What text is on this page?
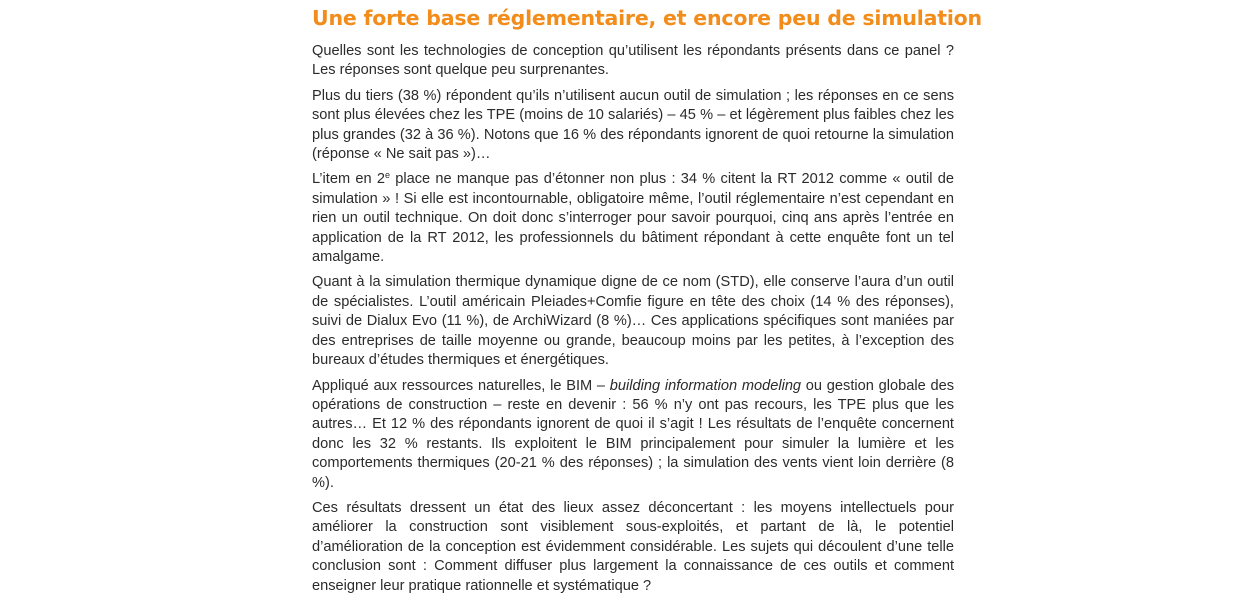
Une forte base réglementaire, et encore peu de simulation

Quelles sont les technologies de conception qu’utilisent les répondants présents dans ce panel ? Les réponses sont quelque peu surprenantes.

Plus du tiers (38 %) répondent qu’ils n’utilisent aucun outil de simulation ; les réponses en ce sens sont plus élevées chez les TPE (moins de 10 salariés) – 45 % – et légèrement plus faibles chez les plus grandes (32 à 36 %). Notons que 16 % des répondants ignorent de quoi retourne la simulation (réponse « Ne sait pas »)…

L’item en 2e place ne manque pas d’étonner non plus : 34 % citent la RT 2012 comme « outil de simulation » ! Si elle est incontournable, obligatoire même, l’outil réglementaire n’est cependant en rien un outil technique. On doit donc s’interroger pour savoir pourquoi, cinq ans après l’entrée en application de la RT 2012, les professionnels du bâtiment répondant à cette enquête font un tel amalgame.

Quant à la simulation thermique dynamique digne de ce nom (STD), elle conserve l’aura d’un outil de spécialistes. L’outil américain Pleiades+Comfie figure en tête des choix (14 % des réponses), suivi de Dialux Evo (11 %), de ArchiWizard (8 %)… Ces applications spécifiques sont maniées par des entreprises de taille moyenne ou grande, beaucoup moins par les petites, à l’exception des bureaux d’études thermiques et énergétiques.

Appliqué aux ressources naturelles, le BIM – building information modeling ou gestion globale des opérations de construction – reste en devenir : 56 % n’y ont pas recours, les TPE plus que les autres… Et 12 % des répondants ignorent de quoi il s’agit ! Les résultats de l’enquête concernent donc les 32 % restants. Ils exploitent le BIM principalement pour simuler la lumière et les comportements thermiques (20-21 % des réponses) ; la simulation des vents vient loin derrière (8 %).

Ces résultats dressent un état des lieux assez déconcertant : les moyens intellectuels pour améliorer la construction sont visiblement sous-exploités, et partant de là, le potentiel d’amélioration de la conception est évidemment considérable. Les sujets qui découlent d’une telle conclusion sont : Comment diffuser plus largement la connaissance de ces outils et comment enseigner leur pratique rationnelle et systématique ?
